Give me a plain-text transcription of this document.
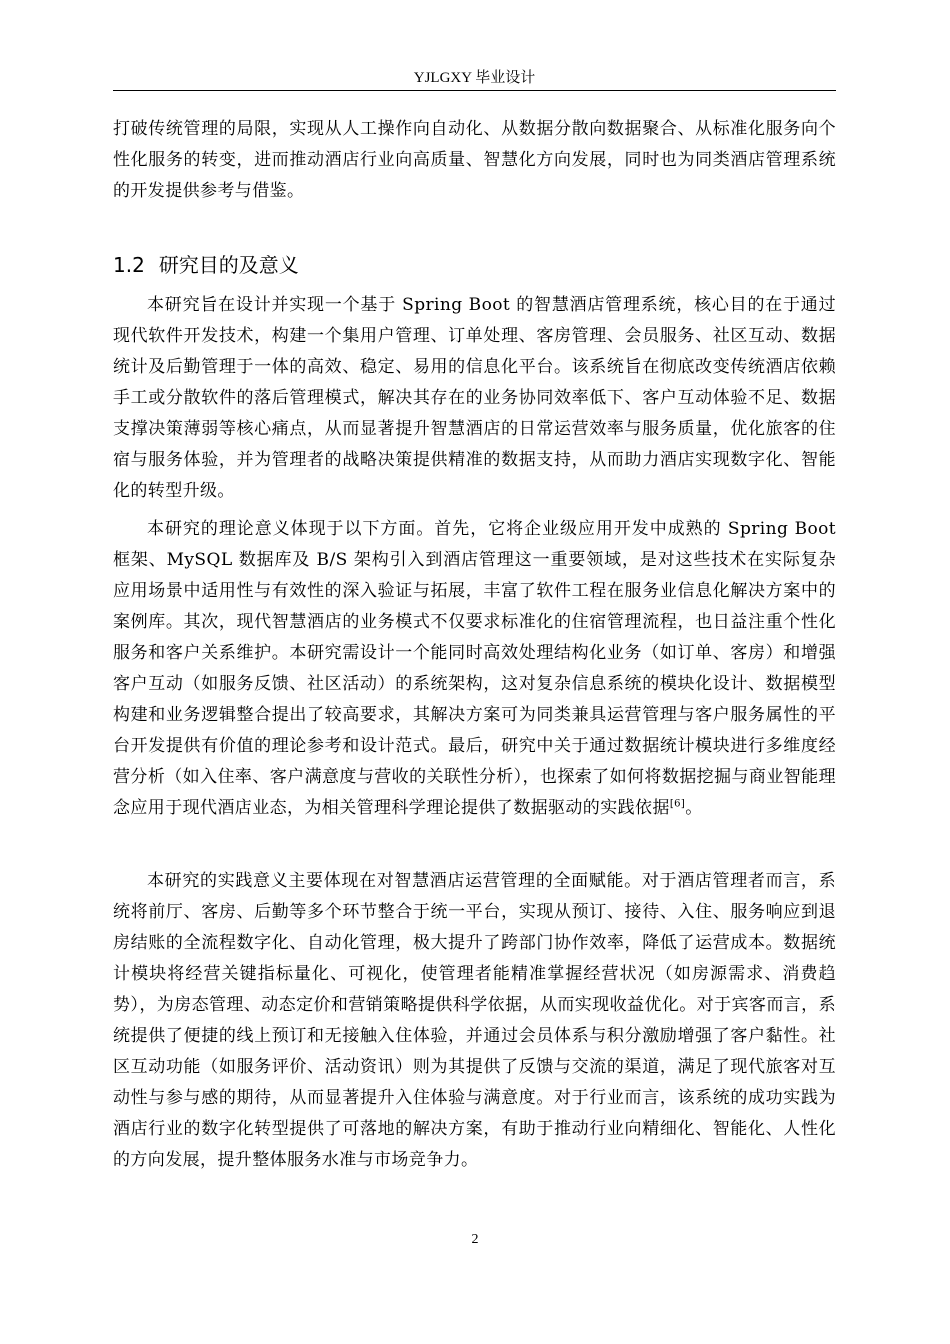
YJLGXY 毕业设计

打破传统管理的局限，实现从人工操作向自动化、从数据分散向数据聚合、从标准化服务向个性化服务的转变，进而推动酒店行业向高质量、智慧化方向发展，同时也为同类酒店管理系统的开发提供参考与借鉴。

1.2 研究目的及意义

本研究旨在设计并实现一个基于 Spring Boot 的智慧酒店管理系统，核心目的在于通过现代软件开发技术，构建一个集用户管理、订单处理、客房管理、会员服务、社区互动、数据统计及后勤管理于一体的高效、稳定、易用的信息化平台。该系统旨在彻底改变传统酒店依赖手工或分散软件的落后管理模式，解决其存在的业务协同效率低下、客户互动体验不足、数据支撑决策薄弱等核心痛点，从而显著提升智慧酒店的日常运营效率与服务质量，优化旅客的住宿与服务体验，并为管理者的战略决策提供精准的数据支持，从而助力酒店实现数字化、智能化的转型升级。

本研究的理论意义体现于以下方面。首先，它将企业级应用开发中成熟的 Spring Boot 框架、MySQL 数据库及 B/S 架构引入到酒店管理这一重要领域，是对这些技术在实际复杂应用场景中适用性与有效性的深入验证与拓展，丰富了软件工程在服务业信息化解决方案中的案例库。其次，现代智慧酒店的业务模式不仅要求标准化的住宿管理流程，也日益注重个性化服务和客户关系维护。本研究需设计一个能同时高效处理结构化业务（如订单、客房）和增强客户互动（如服务反馈、社区活动）的系统架构，这对复杂信息系统的模块化设计、数据模型构建和业务逻辑整合提出了较高要求，其解决方案可为同类兼具运营管理与客户服务属性的平台开发提供有价值的理论参考和设计范式。最后，研究中关于通过数据统计模块进行多维度经营分析（如入住率、客户满意度与营收的关联性分析），也探索了如何将数据挖掘与商业智能理念应用于现代酒店业态，为相关管理科学理论提供了数据驱动的实践依据[6]。

本研究的实践意义主要体现在对智慧酒店运营管理的全面赋能。对于酒店管理者而言，系统将前厅、客房、后勤等多个环节整合于统一平台，实现从预订、接待、入住、服务响应到退房结账的全流程数字化、自动化管理，极大提升了跨部门协作效率，降低了运营成本。数据统计模块将经营关键指标量化、可视化，使管理者能精准掌握经营状况（如房源需求、消费趋势），为房态管理、动态定价和营销策略提供科学依据，从而实现收益优化。对于宾客而言，系统提供了便捷的线上预订和无接触入住体验，并通过会员体系与积分激励增强了客户黏性。社区互动功能（如服务评价、活动资讯）则为其提供了反馈与交流的渠道，满足了现代旅客对互动性与参与感的期待，从而显著提升入住体验与满意度。对于行业而言，该系统的成功实践为酒店行业的数字化转型提供了可落地的解决方案，有助于推动行业向精细化、智能化、人性化的方向发展，提升整体服务水准与市场竞争力。

2
